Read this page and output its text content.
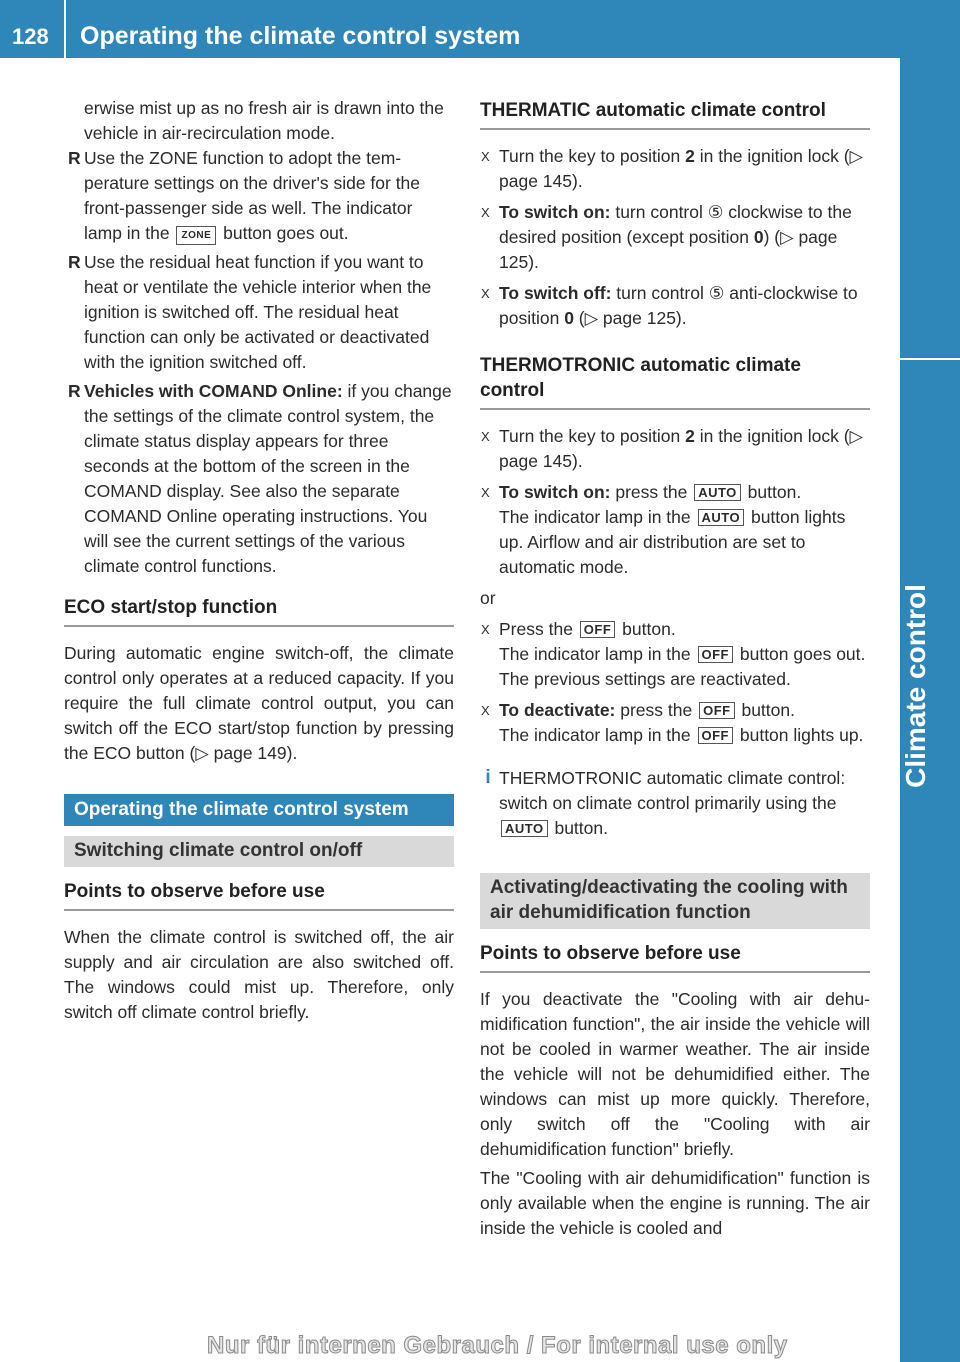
128 Operating the climate control system
Climate control

erwise mist up as no fresh air is drawn into the vehicle in air-recirculation mode.

R Use the ZONE function to adopt the temperature settings on the driver's side for the front-passenger side as well. The indicator lamp in the ZONE button goes out.
R Use the residual heat function if you want to heat or ventilate the vehicle interior when the ignition is switched off. The residual heat function can only be activated or deactivated with the ignition switched off.
R Vehicles with COMAND Online: if you change the settings of the climate control system, the climate status display appears for three seconds at the bottom of the screen in the COMAND display. See also the separate COMAND Online operating instructions. You will see the current settings of the various climate control functions.
ECO start/stop function

During automatic engine switch-off, the climate control only operates at a reduced capacity. If you require the full climate control output, you can switch off the ECO start/stop function by pressing the ECO button (▷ page 149).

Operating the climate control system
Switching climate control on/off
Points to observe before use

When the climate control is switched off, the air supply and air circulation are also switched off. The windows could mist up. Therefore, only switch off climate control briefly.

THERMATIC automatic climate control
X Turn the key to position 2 in the ignition lock (▷ page 145).
X To switch on: turn control ⑤ clockwise to the desired position (except position 0) (▷ page 125).
X To switch off: turn control ⑤ anti-clockwise to position 0 (▷ page 125).
THERMOTRONIC automatic climate control
X Turn the key to position 2 in the ignition lock (▷ page 145).
X To switch on: press the AUTO button.
The indicator lamp in the AUTO button lights up. Airflow and air distribution are set to automatic mode.

or

X Press the OFF button.
The indicator lamp in the OFF button goes out. The previous settings are reactivated.
X To deactivate: press the OFF button.
The indicator lamp in the OFF button lights up.
i THERMOTRONIC automatic climate control: switch on climate control primarily using the AUTO button.
Activating/deactivating the cooling with air dehumidification function
Points to observe before use

If you deactivate the "Cooling with air dehumidification function", the air inside the vehicle will not be cooled in warmer weather. The air inside the vehicle will not be dehumidified either. The windows can mist up more quickly. Therefore, only switch off the "Cooling with air dehumidification function" briefly.

The "Cooling with air dehumidification" function is only available when the engine is running. The air inside the vehicle is cooled and

Nur für internen Gebrauch / For internal use only
